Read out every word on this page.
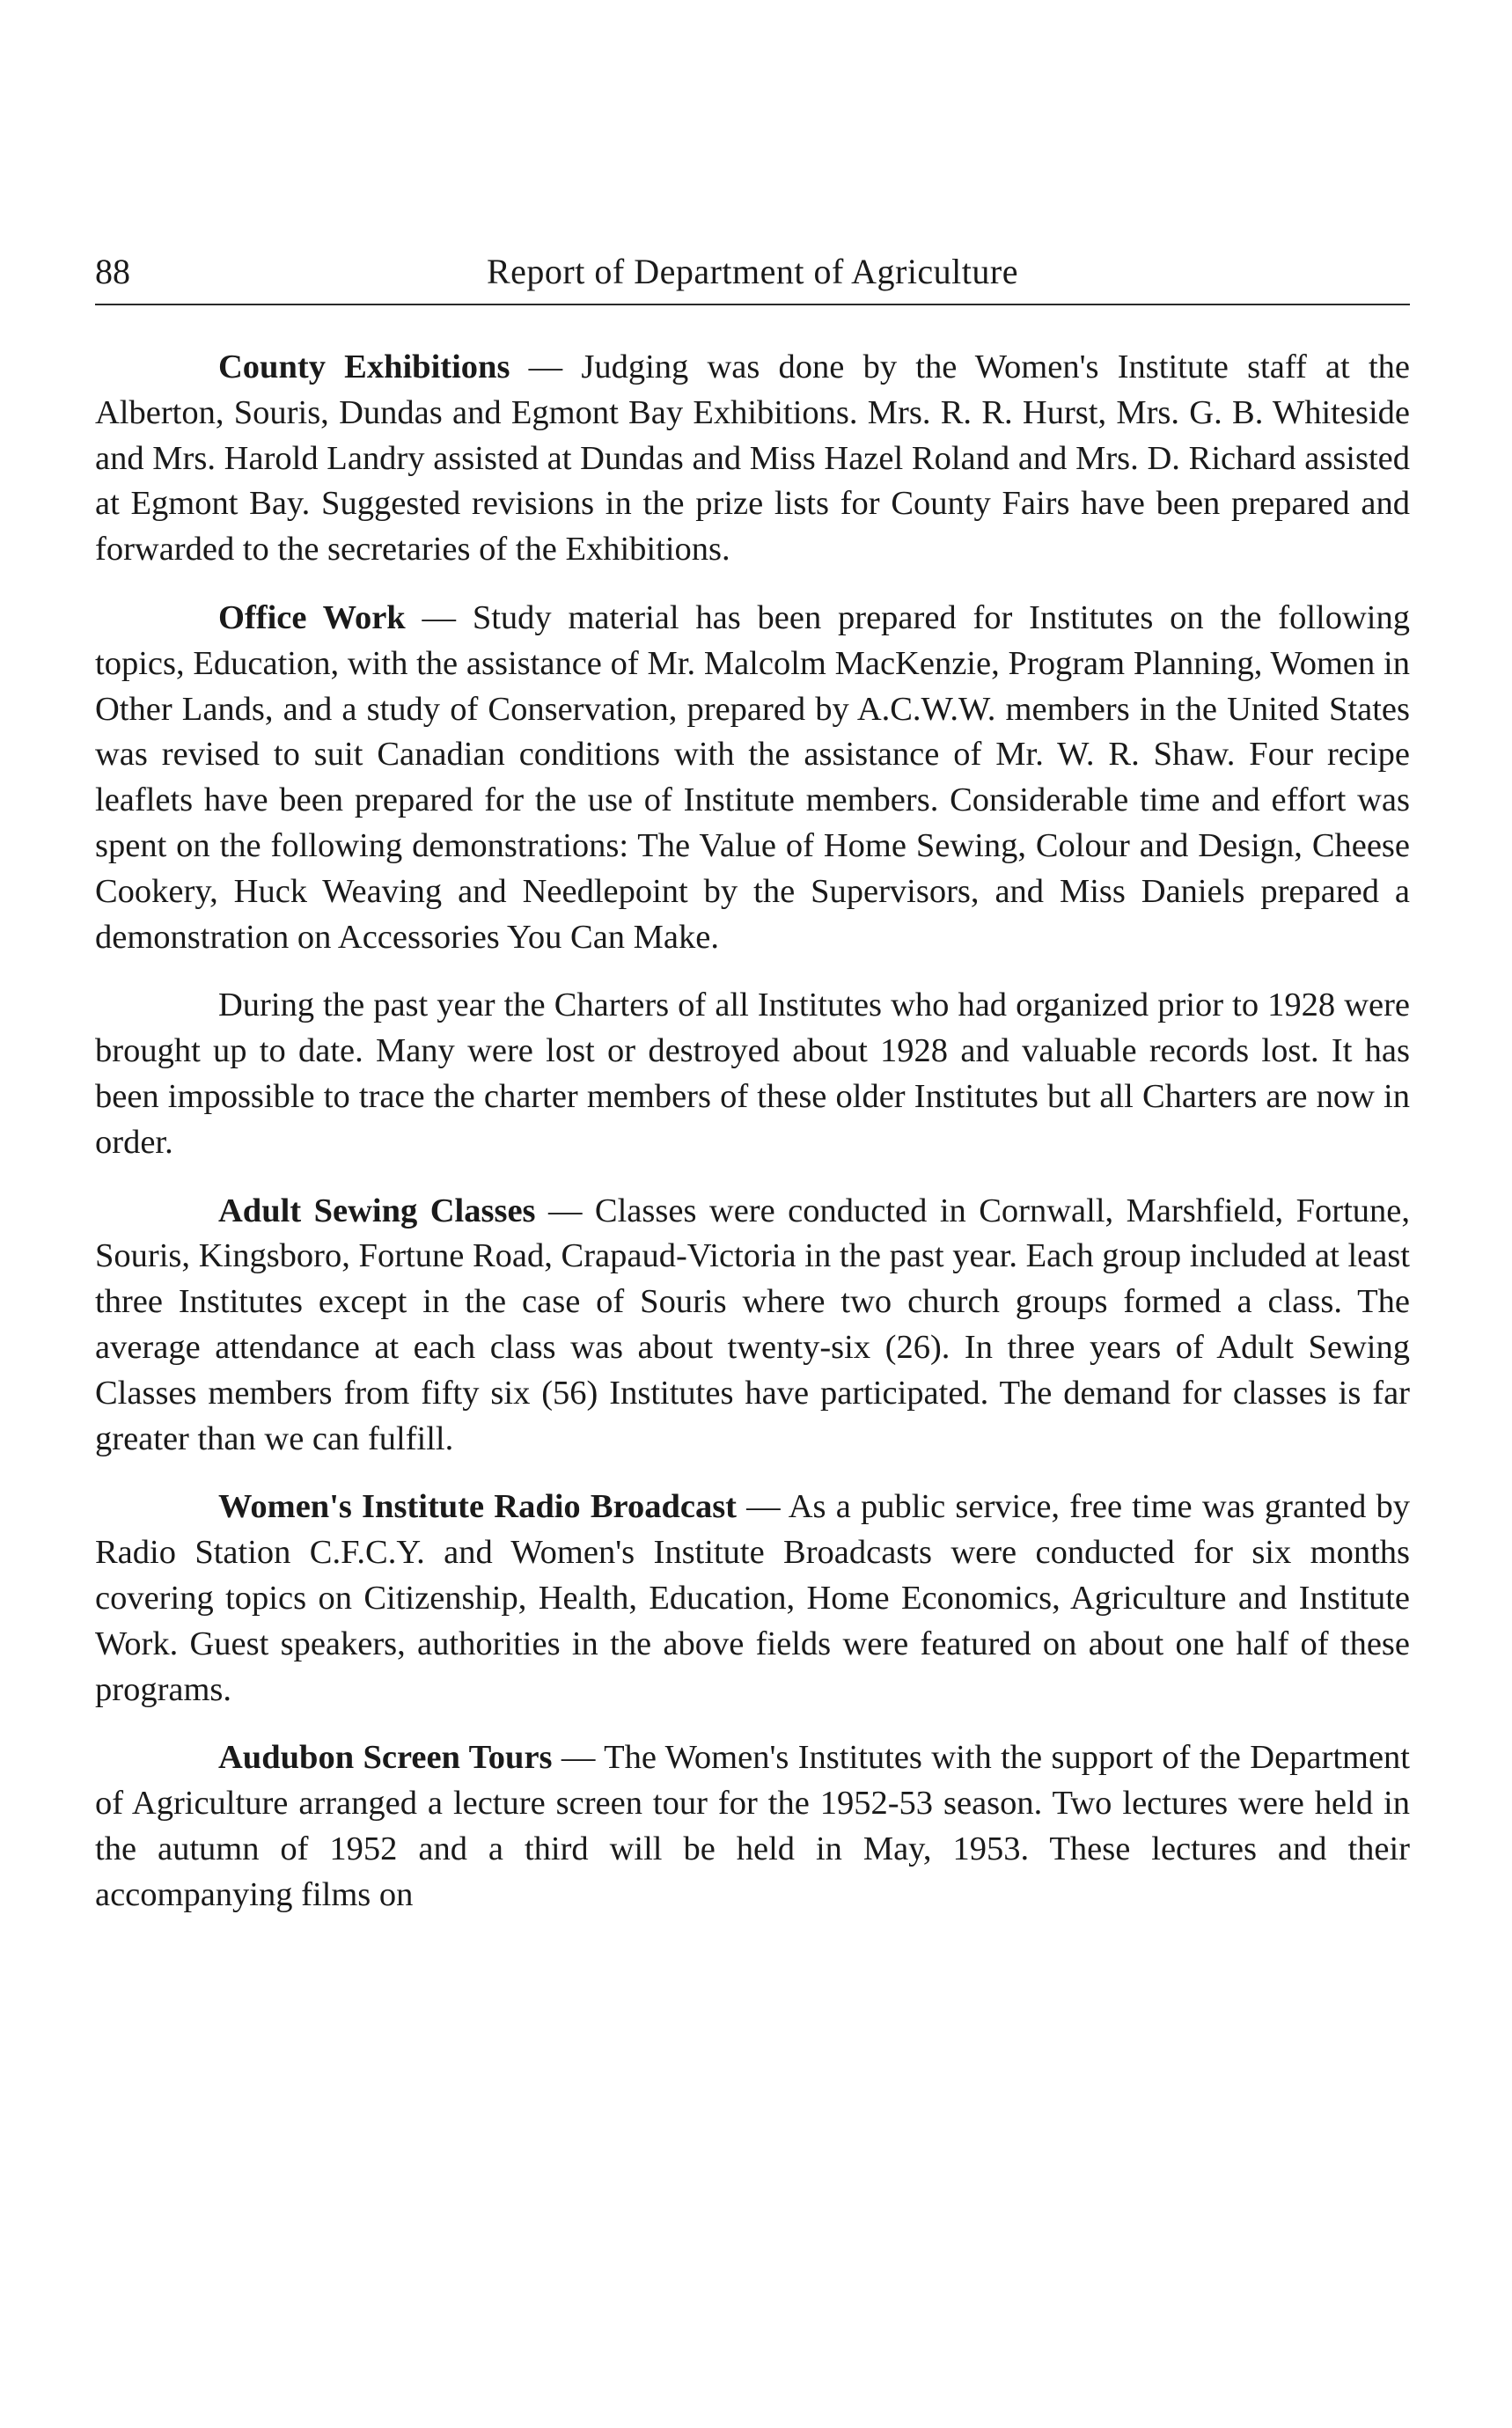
88	Report of Department of Agriculture

County Exhibitions — Judging was done by the Women's Institute staff at the Alberton, Souris, Dundas and Egmont Bay Exhibitions. Mrs. R. R. Hurst, Mrs. G. B. Whiteside and Mrs. Harold Landry assisted at Dundas and Miss Hazel Roland and Mrs. D. Richard assisted at Egmont Bay. Suggested revisions in the prize lists for County Fairs have been prepared and forwarded to the secretaries of the Exhibitions.

Office Work — Study material has been prepared for Institutes on the following topics, Education, with the assistance of Mr. Malcolm MacKenzie, Program Planning, Women in Other Lands, and a study of Conservation, prepared by A.C.W.W. members in the United States was revised to suit Canadian conditions with the assistance of Mr. W. R. Shaw. Four recipe leaflets have been prepared for the use of Institute members. Considerable time and effort was spent on the following demonstrations: The Value of Home Sewing, Colour and Design, Cheese Cookery, Huck Weaving and Needlepoint by the Supervisors, and Miss Daniels prepared a demonstration on Accessories You Can Make.

During the past year the Charters of all Institutes who had organized prior to 1928 were brought up to date. Many were lost or destroyed about 1928 and valuable records lost. It has been impossible to trace the charter members of these older Institutes but all Charters are now in order.

Adult Sewing Classes — Classes were conducted in Cornwall, Marshfield, Fortune, Souris, Kingsboro, Fortune Road, Crapaud-Victoria in the past year. Each group included at least three Institutes except in the case of Souris where two church groups formed a class. The average attendance at each class was about twenty-six (26). In three years of Adult Sewing Classes members from fifty six (56) Institutes have participated. The demand for classes is far greater than we can fulfill.

Women's Institute Radio Broadcast — As a public service, free time was granted by Radio Station C.F.C.Y. and Women's Institute Broadcasts were conducted for six months covering topics on Citizenship, Health, Education, Home Economics, Agriculture and Institute Work. Guest speakers, authorities in the above fields were featured on about one half of these programs.

Audubon Screen Tours — The Women's Institutes with the support of the Department of Agriculture arranged a lecture screen tour for the 1952-53 season. Two lectures were held in the autumn of 1952 and a third will be held in May, 1953. These lectures and their accompanying films on
